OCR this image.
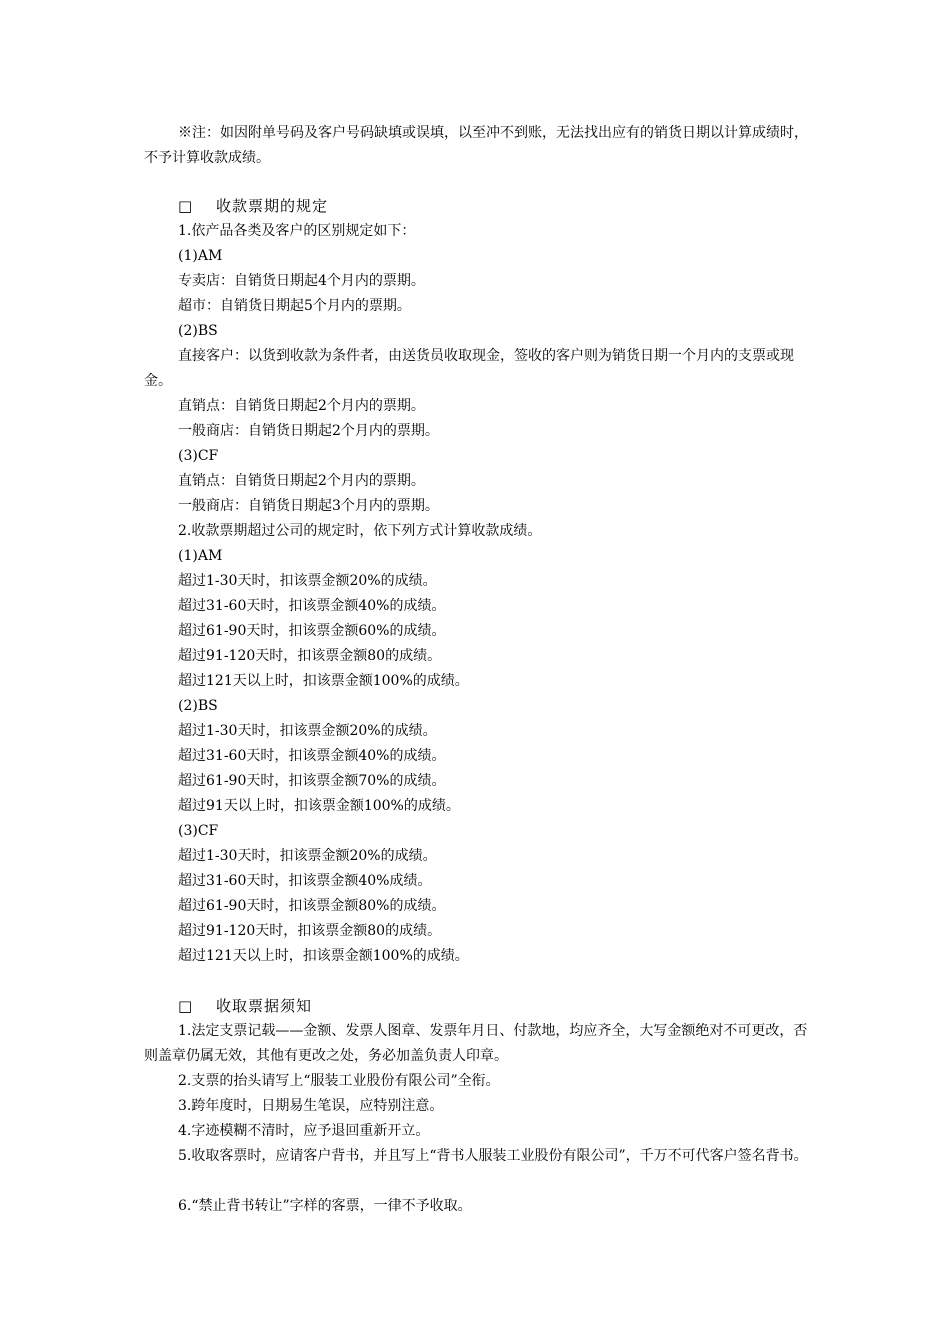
※注：如因附单号码及客户号码缺填或误填，以至冲不到账，无法找出应有的销货日期以计算成绩时，不予计算收款成绩。
□ 收款票期的规定
1.依产品各类及客户的区别规定如下：
(1)AM
专卖店：自销货日期起4个月内的票期。
超市：自销货日期起5个月内的票期。
(2)BS
直接客户：以货到收款为条件者，由送货员收取现金，签收的客户则为销货日期一个月内的支票或现金。
直销点：自销货日期起2个月内的票期。
一般商店：自销货日期起2个月内的票期。
(3)CF
直销点：自销货日期起2个月内的票期。
一般商店：自销货日期起3个月内的票期。
2.收款票期超过公司的规定时，依下列方式计算收款成绩。
(1)AM
超过1-30天时，扣该票金额20%的成绩。
超过31-60天时，扣该票金额40%的成绩。
超过61-90天时，扣该票金额60%的成绩。
超过91-120天时，扣该票金额80的成绩。
超过121天以上时，扣该票金额100%的成绩。
(2)BS
超过1-30天时，扣该票金额20%的成绩。
超过31-60天时，扣该票金额40%的成绩。
超过61-90天时，扣该票金额70%的成绩。
超过91天以上时，扣该票金额100%的成绩。
(3)CF
超过1-30天时，扣该票金额20%的成绩。
超过31-60天时，扣该票金额40%成绩。
超过61-90天时，扣该票金额80%的成绩。
超过91-120天时，扣该票金额80的成绩。
超过121天以上时，扣该票金额100%的成绩。
□ 收取票据须知
1.法定支票记载——金额、发票人图章、发票年月日、付款地，均应齐全，大写金额绝对不可更改，否则盖章仍属无效，其他有更改之处，务必加盖负责人印章。
2.支票的抬头请写上“服装工业股份有限公司”全衔。
3.跨年度时，日期易生笔误，应特别注意。
4.字迹模糊不清时，应予退回重新开立。
5.收取客票时，应请客户背书，并且写上“背书人服装工业股份有限公司”，千万不可代客户签名背书。
6.“禁止背书转让”字样的客票，一律不予收取。
